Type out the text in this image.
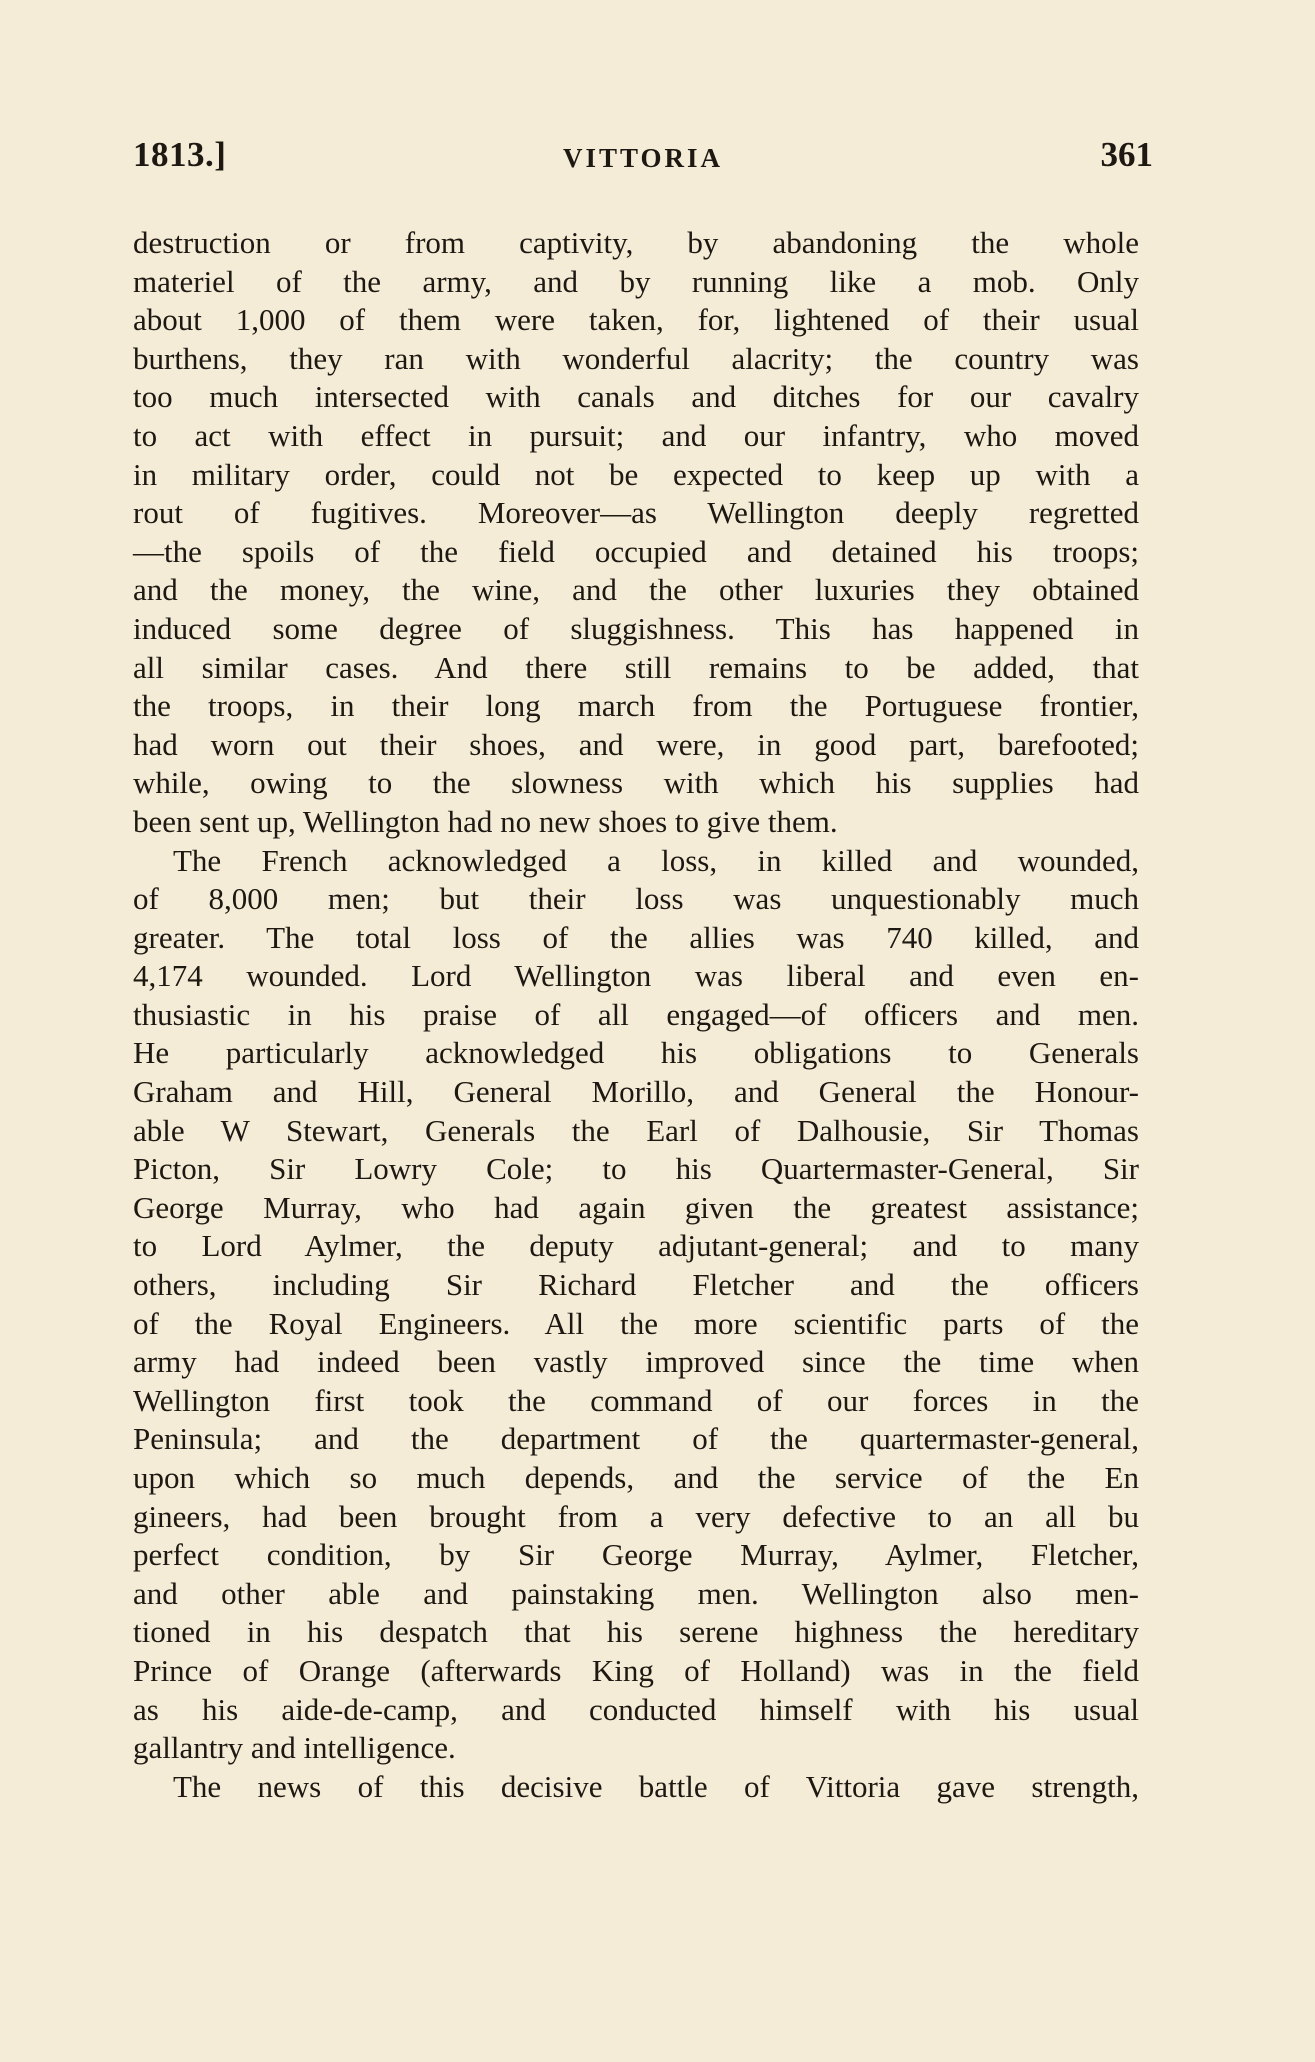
1813.]	VITTORIA	361
destruction or from captivity, by abandoning the whole
materiel of the army, and by running like a mob. Only
about 1,000 of them were taken, for, lightened of their usual
burthens, they ran with wonderful alacrity; the country was
too much intersected with canals and ditches for our cavalry
to act with effect in pursuit; and our infantry, who moved
in military order, could not be expected to keep up with a
rout of fugitives. Moreover—as Wellington deeply regretted
—the spoils of the field occupied and detained his troops;
and the money, the wine, and the other luxuries they obtained
induced some degree of sluggishness. This has happened in
all similar cases. And there still remains to be added, that
the troops, in their long march from the Portuguese frontier,
had worn out their shoes, and were, in good part, barefooted;
while, owing to the slowness with which his supplies had
been sent up, Wellington had no new shoes to give them.
The French acknowledged a loss, in killed and wounded,
of 8,000 men; but their loss was unquestionably much
greater. The total loss of the allies was 740 killed, and
4,174 wounded. Lord Wellington was liberal and even en-
thusiastic in his praise of all engaged—of officers and men.
He particularly acknowledged his obligations to Generals
Graham and Hill, General Morillo, and General the Honour-
able W Stewart, Generals the Earl of Dalhousie, Sir Thomas
Picton, Sir Lowry Cole; to his Quartermaster-General, Sir
George Murray, who had again given the greatest assistance;
to Lord Aylmer, the deputy adjutant-general; and to many
others, including Sir Richard Fletcher and the officers
of the Royal Engineers. All the more scientific parts of the
army had indeed been vastly improved since the time when
Wellington first took the command of our forces in the
Peninsula; and the department of the quartermaster-general,
upon which so much depends, and the service of the En
gineers, had been brought from a very defective to an all bu
perfect condition, by Sir George Murray, Aylmer, Fletcher,
and other able and painstaking men. Wellington also men-
tioned in his despatch that his serene highness the hereditary
Prince of Orange (afterwards King of Holland) was in the field
as his aide-de-camp, and conducted himself with his usual
gallantry and intelligence.
The news of this decisive battle of Vittoria gave strength,
